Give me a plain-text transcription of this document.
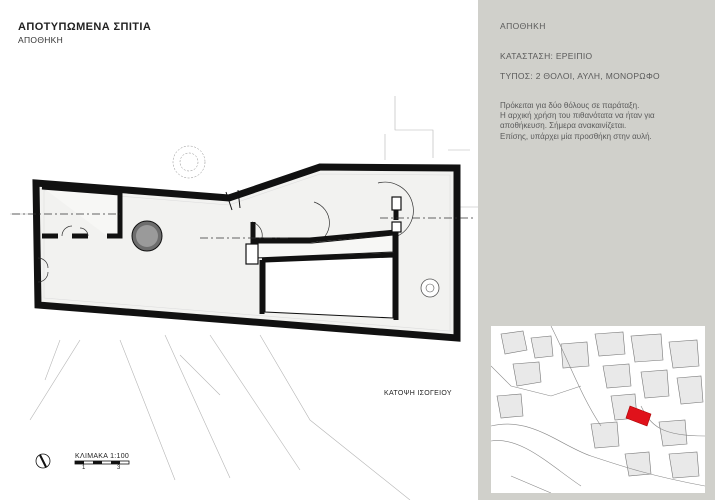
ΑΠΟΤΥΠΩΜΕΝΑ ΣΠΙΤΙΑ
ΑΠΟΘΗΚΗ
ΚΑΤΟΨΗ ΙΣΟΓΕΙΟΥ
ΚΛΙΜΑΚΑ 1:100
1	3
ΑΠΟΘΗΚΗ
ΚΑΤΑΣΤΑΣΗ: ΕΡΕΙΠΙΟ
ΤΥΠΟΣ: 2 ΘΟΛΟΙ, ΑΥΛΗ, ΜΟΝΟΡΩΦΟ
Πρόκειται για δύο θόλους σε παράταξη.
Η αρχική χρήση του πιθανότατα να ήταν για
αποθήκευση. Σήμερα ανακαινίζεται.
Επίσης, υπάρχει μία προσθήκη στην αυλή.
